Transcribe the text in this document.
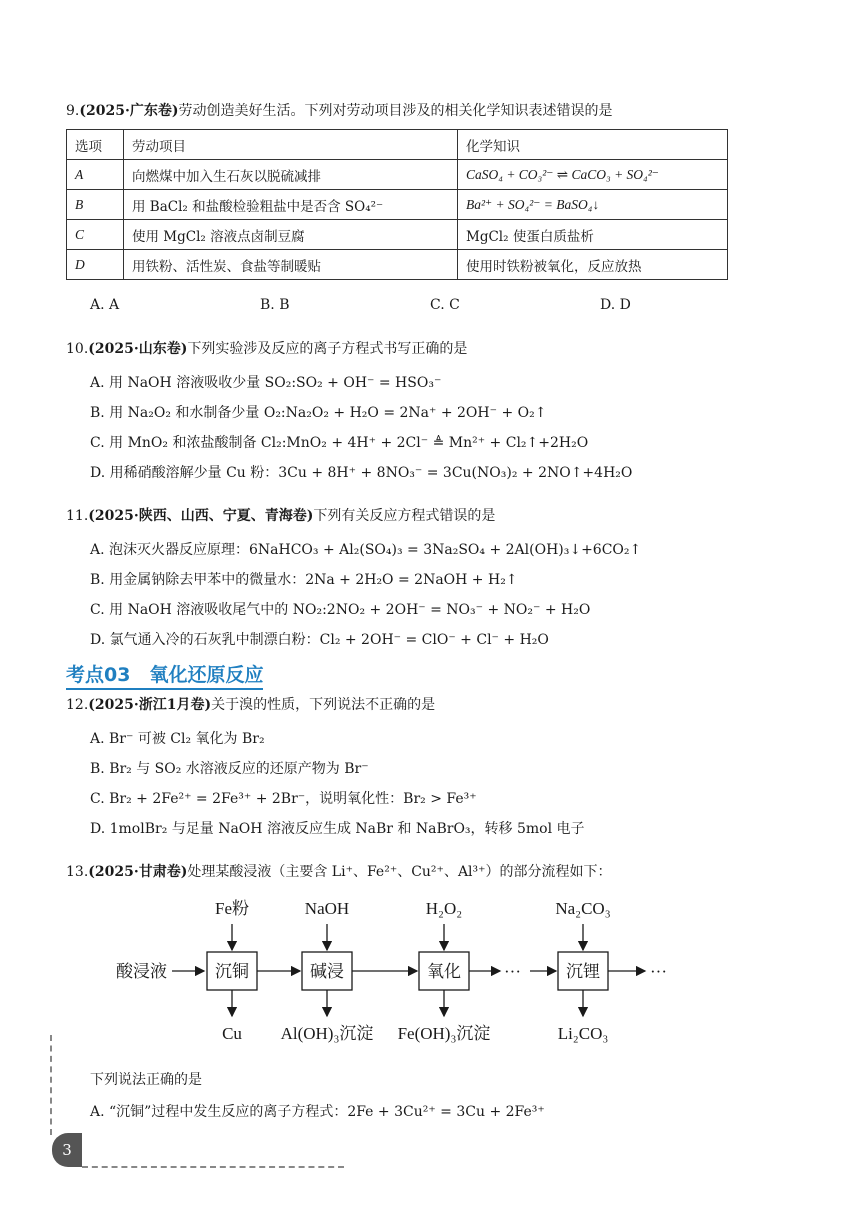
9.(2025·广东卷)劳动创造美好生活。下列对劳动项目涉及的相关化学知识表述错误的是
选项	劳动项目	化学知识
A	向燃煤中加入生石灰以脱硫减排	CaSO₄ + CO₃²⁻ ⇌ CaCO₃ + SO₄²⁻
B	用 BaCl₂ 和盐酸检验粗盐中是否含 SO₄²⁻	Ba²⁺ + SO₄²⁻ = BaSO₄↓
C	使用 MgCl₂ 溶液点卤制豆腐	MgCl₂ 使蛋白质盐析
D	用铁粉、活性炭、食盐等制暖贴	使用时铁粉被氧化，反应放热
A. A	B. B	C. C	D. D
10.(2025·山东卷)下列实验涉及反应的离子方程式书写正确的是
A. 用 NaOH 溶液吸收少量 SO₂:SO₂ + OH⁻ = HSO₃⁻
B. 用 Na₂O₂ 和水制备少量 O₂:Na₂O₂ + H₂O = 2Na⁺ + 2OH⁻ + O₂↑
C. 用 MnO₂ 和浓盐酸制备 Cl₂:MnO₂ + 4H⁺ + 2Cl⁻ ≜ Mn²⁺ + Cl₂↑+2H₂O
D. 用稀硝酸溶解少量 Cu 粉：3Cu + 8H⁺ + 8NO₃⁻ = 3Cu(NO₃)₂ + 2NO↑+4H₂O
11.(2025·陕西、山西、宁夏、青海卷)下列有关反应方程式错误的是
A. 泡沫灭火器反应原理：6NaHCO₃ + Al₂(SO₄)₃ = 3Na₂SO₄ + 2Al(OH)₃↓+6CO₂↑
B. 用金属钠除去甲苯中的微量水：2Na + 2H₂O = 2NaOH + H₂↑
C. 用 NaOH 溶液吸收尾气中的 NO₂:2NO₂ + 2OH⁻ = NO₃⁻ + NO₂⁻ + H₂O
D. 氯气通入冷的石灰乳中制漂白粉：Cl₂ + 2OH⁻ = ClO⁻ + Cl⁻ + H₂O
考点03　氧化还原反应
12.(2025·浙江1月卷)关于溴的性质，下列说法不正确的是
A. Br⁻ 可被 Cl₂ 氧化为 Br₂
B. Br₂ 与 SO₂ 水溶液反应的还原产物为 Br⁻
C. Br₂ + 2Fe²⁺ = 2Fe³⁺ + 2Br⁻，说明氧化性：Br₂ > Fe³⁺
D. 1molBr₂ 与足量 NaOH 溶液反应生成 NaBr 和 NaBrO₃，转移 5mol 电子
13.(2025·甘肃卷)处理某酸浸液（主要含 Li⁺、Fe²⁺、Cu²⁺、Al³⁺）的部分流程如下：
酸浸液
Fe粉
沉铜
Cu
NaOH
碱浸
Al(OH)₃沉淀
H₂O₂
氧化
Fe(OH)₃沉淀
···
Na₂CO₃
沉锂
Li₂CO₃
···
下列说法正确的是
A. “沉铜”过程中发生反应的离子方程式：2Fe + 3Cu²⁺ = 3Cu + 2Fe³⁺
3
